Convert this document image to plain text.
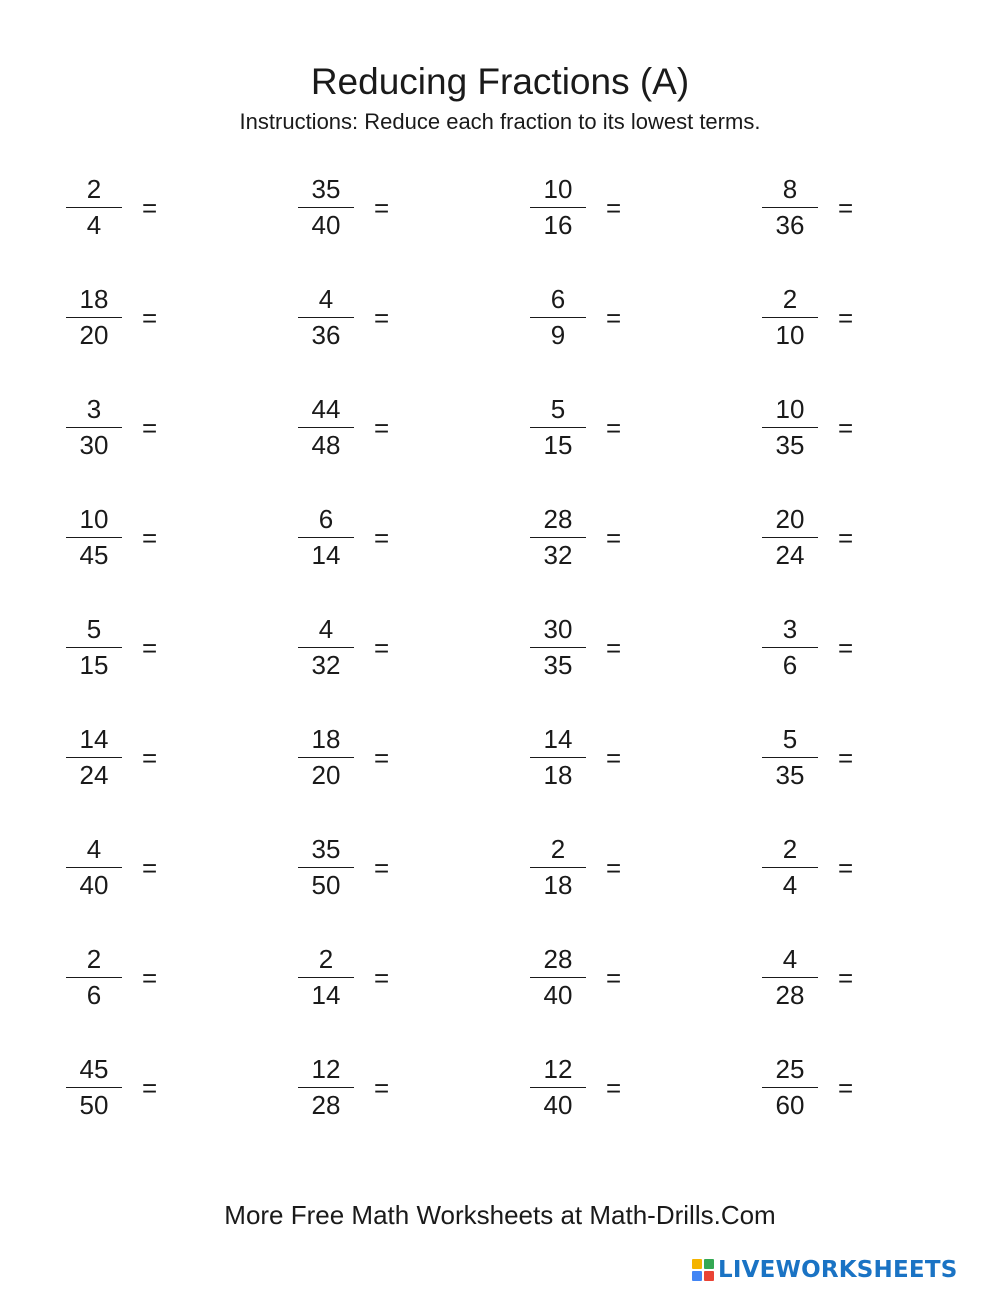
Reducing Fractions (A)

Instructions: Reduce each fraction to its lowest terms.

2
4
=
35
40
=
10
16
=
8
36
=
18
20
=
4
36
=
6
9
=
2
10
=
3
30
=
44
48
=
5
15
=
10
35
=
10
45
=
6
14
=
28
32
=
20
24
=
5
15
=
4
32
=
30
35
=
3
6
=
14
24
=
18
20
=
14
18
=
5
35
=
4
40
=
35
50
=
2
18
=
2
4
=
2
6
=
2
14
=
28
40
=
4
28
=
45
50
=
12
28
=
12
40
=
25
60
=
More Free Math Worksheets at Math-Drills.Com
LIVEWORKSHEETS
